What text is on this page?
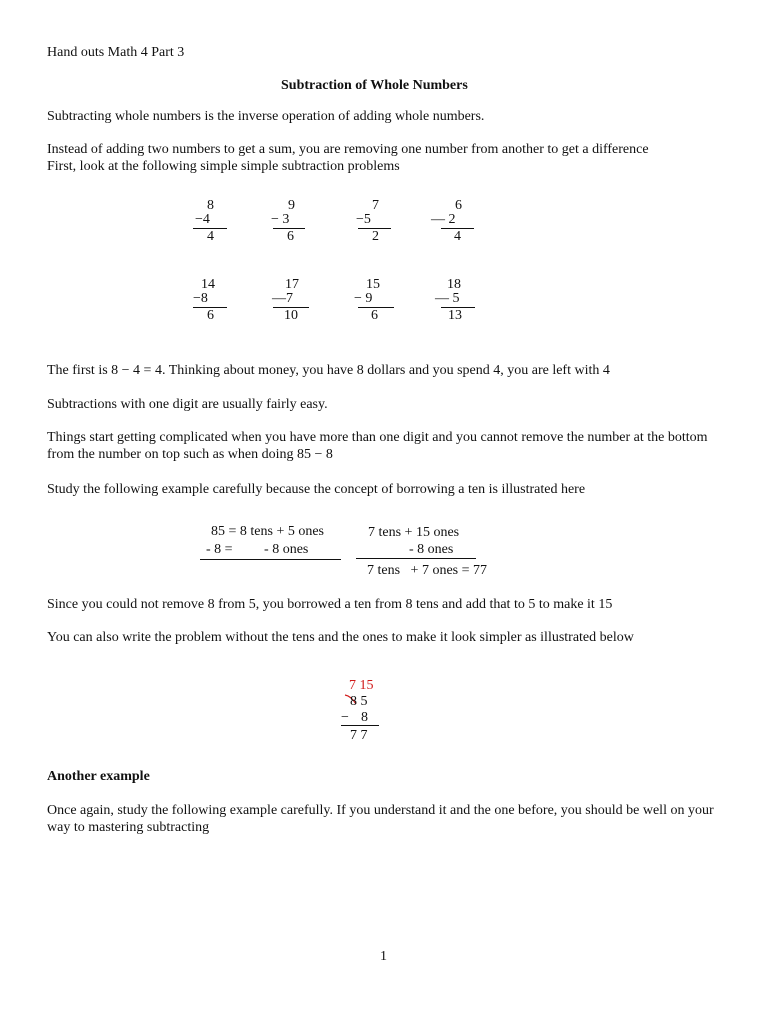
Hand outs Math 4 Part 3
Subtraction of Whole Numbers
Subtracting whole numbers is the inverse operation of adding whole numbers.
Instead of adding two numbers to get a sum, you are removing one number from another to get a difference
First, look at the following simple simple subtraction problems
8
−4
4
9
− 3
6
7
−5
2
6
— 2
4
14
−8
6
17
—7
10
15
− 9
6
18
— 5
13
The first is 8 − 4 = 4. Thinking about money, you have 8 dollars and you spend 4, you are left with 4
Subtractions with one digit are usually fairly easy.
Things start getting complicated when you have more than one digit and you cannot remove the number at the bottom from the number on top such as when doing 85 − 8
Study the following example carefully because the concept of borrowing a ten is illustrated here
85 = 8 tens + 5 ones
- 8 =         - 8 ones
7 tens + 15 ones
- 8 ones
7 tens   + 7 ones = 77
Since you could not remove 8 from 5, you borrowed a ten from 8 tens and add that to 5 to make it 15
You can also write the problem without the tens and the ones to make it look simpler as illustrated below
7 15
8 5
− 8
7 7
Another example
Once again, study the following example carefully. If you understand it and the one before, you should be well on your way to mastering subtracting
1
